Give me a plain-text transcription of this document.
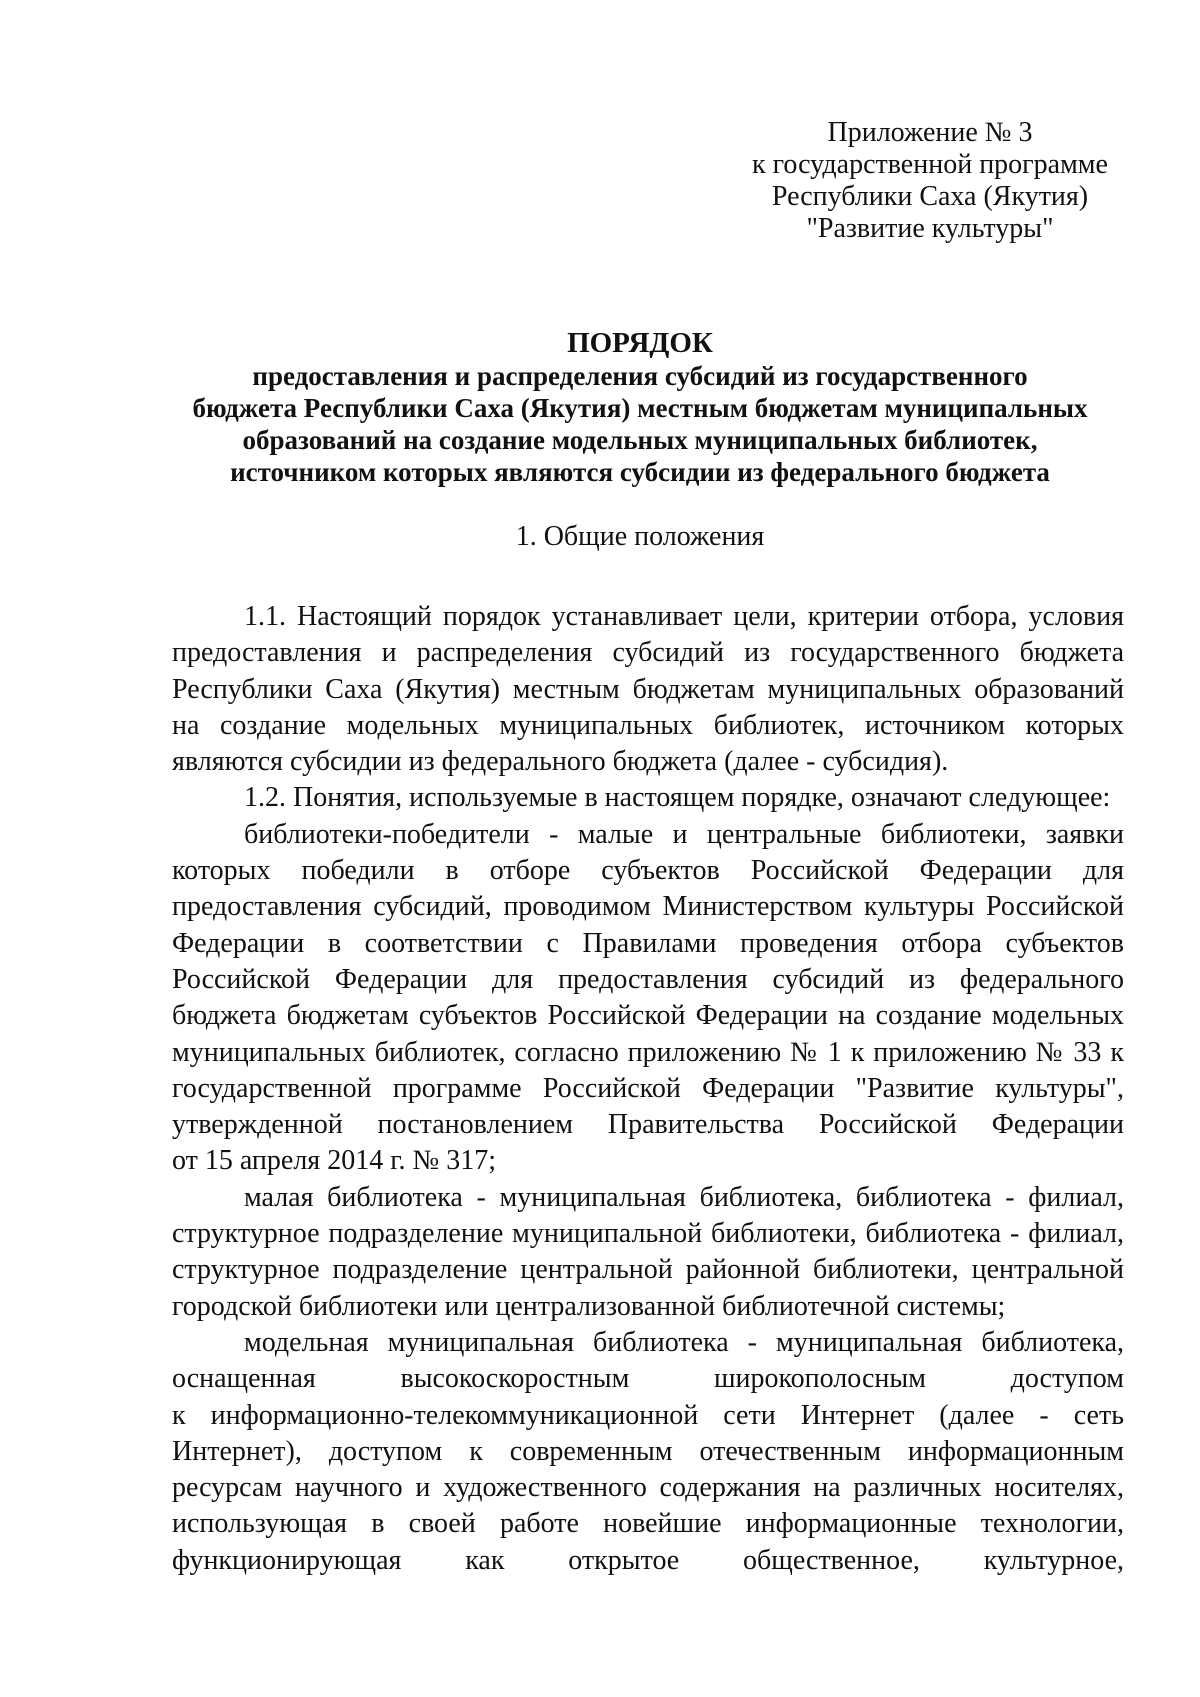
Приложение № 3
к государственной программе
Республики Саха (Якутия)
"Развитие культуры"
ПОРЯДОК
предоставления и распределения субсидий из государственного
бюджета Республики Саха (Якутия) местным бюджетам муниципальных
образований на создание модельных муниципальных библиотек,
источником которых являются субсидии из федерального бюджета
1. Общие положения
1.1. Настоящий порядок устанавливает цели, критерии отбора, условия
предоставления и распределения субсидий из государственного бюджета
Республики Саха (Якутия) местным бюджетам муниципальных образований
на создание модельных муниципальных библиотек, источником которых
являются субсидии из федерального бюджета (далее - субсидия).
1.2. Понятия, используемые в настоящем порядке, означают следующее:
библиотеки-победители - малые и центральные библиотеки, заявки
которых победили в отборе субъектов Российской Федерации для
предоставления субсидий, проводимом Министерством культуры Российской
Федерации в соответствии с Правилами проведения отбора субъектов
Российской Федерации для предоставления субсидий из федерального
бюджета бюджетам субъектов Российской Федерации на создание модельных
муниципальных библиотек, согласно приложению № 1 к приложению № 33 к
государственной программе Российской Федерации "Развитие культуры",
утвержденной постановлением Правительства Российской Федерации
от 15 апреля 2014 г. № 317;
малая библиотека - муниципальная библиотека, библиотека - филиал,
структурное подразделение муниципальной библиотеки, библиотека - филиал,
структурное подразделение центральной районной библиотеки, центральной
городской библиотеки или централизованной библиотечной системы;
модельная муниципальная библиотека - муниципальная библиотека,
оснащенная высокоскоростным широкополосным доступом
к информационно-телекоммуникационной сети Интернет (далее - сеть
Интернет), доступом к современным отечественным информационным
ресурсам научного и художественного содержания на различных носителях,
использующая в своей работе новейшие информационные технологии,
функционирующая как открытое общественное, культурное,
